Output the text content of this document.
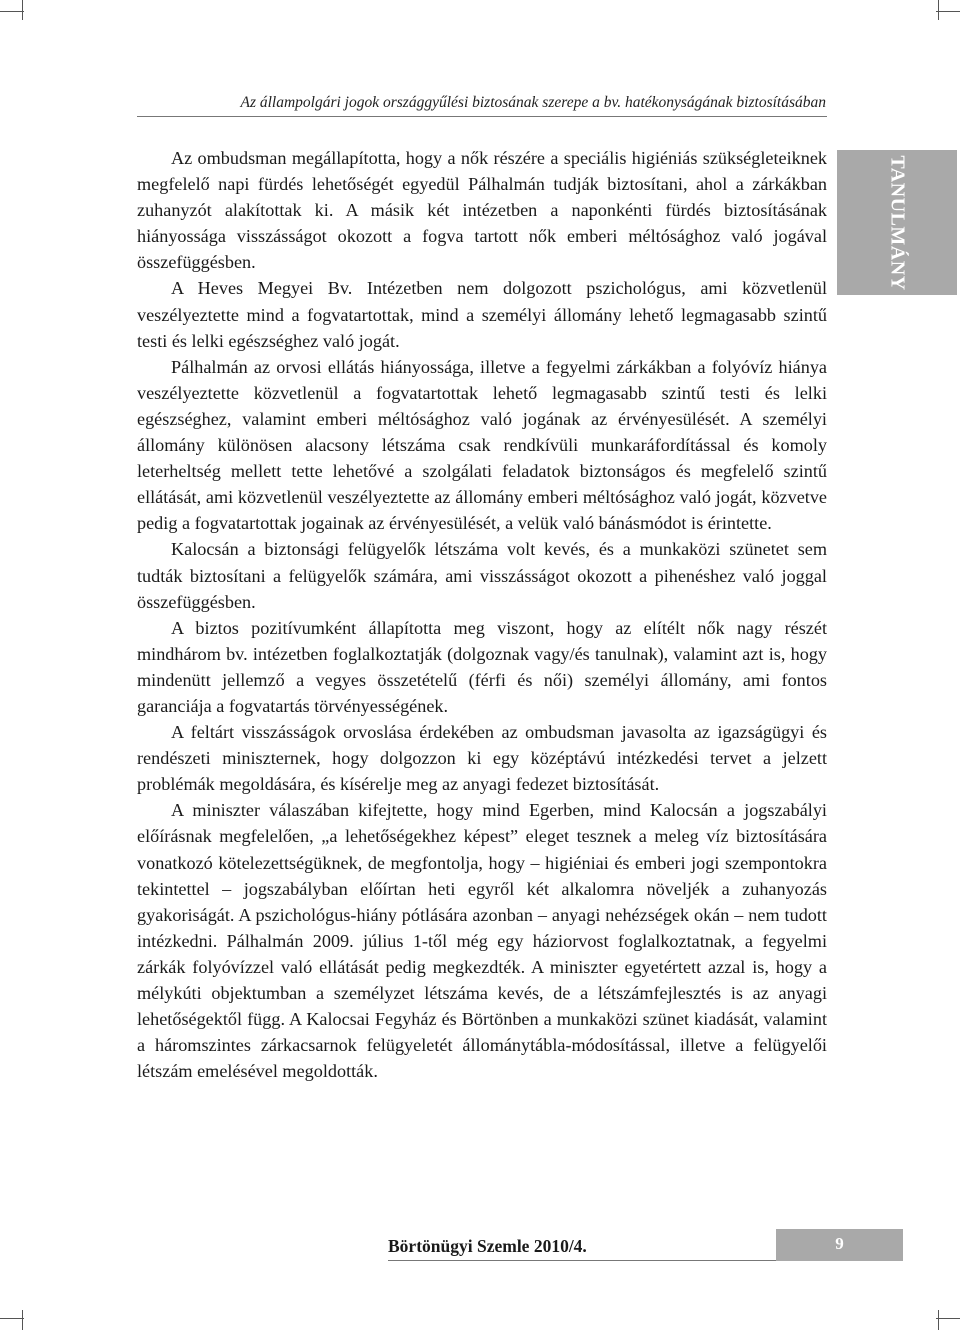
Az állampolgári jogok országgyűlési biztosának szerepe a bv. hatékonyságának biztosításában
TANULMÁNY

Az ombudsman megállapította, hogy a nők részére a speciális higiéniás szükségleteiknek megfelelő napi fürdés lehetőségét egyedül Pálhalmán tudják biztosítani, ahol a zárkákban zuhanyzót alakítottak ki. A másik két intézetben a naponkénti fürdés biztosításának hiányossága visszásságot okozott a fogva tartott nők emberi méltósághoz való jogával összefüggésben.

A Heves Megyei Bv. Intézetben nem dolgozott pszichológus, ami közvetlenül veszélyeztette mind a fogvatartottak, mind a személyi állomány lehető legmagasabb szintű testi és lelki egészséghez való jogát.

Pálhalmán az orvosi ellátás hiányossága, illetve a fegyelmi zárkákban a folyóvíz hiánya veszélyeztette közvetlenül a fogvatartottak lehető legmagasabb szintű testi és lelki egészséghez, valamint emberi méltósághoz való jogának az érvényesülését. A személyi állomány különösen alacsony létszáma csak rendkívüli munkaráfordítással és komoly leterheltség mellett tette lehetővé a szolgálati feladatok biztonságos és megfelelő szintű ellátását, ami közvetlenül veszélyeztette az állomány emberi méltósághoz való jogát, közvetve pedig a fogvatartottak jogainak az érvényesülését, a velük való bánásmódot is érintette.

Kalocsán a biztonsági felügyelők létszáma volt kevés, és a munkaközi szünetet sem tudták biztosítani a felügyelők számára, ami visszásságot okozott a pihenéshez való joggal összefüggésben.

A biztos pozitívumként állapította meg viszont, hogy az elítélt nők nagy részét mindhárom bv. intézetben foglalkoztatják (dolgoznak vagy/és tanulnak), valamint azt is, hogy mindenütt jellemző a vegyes összetételű (férfi és női) személyi állomány, ami fontos garanciája a fogvatartás törvényességének.

A feltárt visszásságok orvoslása érdekében az ombudsman javasolta az igazságügyi és rendészeti miniszternek, hogy dolgozzon ki egy középtávú intézkedési tervet a jelzett problémák megoldására, és kísérelje meg az anyagi fedezet biztosítását.

A miniszter válaszában kifejtette, hogy mind Egerben, mind Kalocsán a jogszabályi előírásnak megfelelően, „a lehetőségekhez képest” eleget tesznek a meleg víz biztosítására vonatkozó kötelezettségüknek, de megfontolja, hogy – higiéniai és emberi jogi szempontokra tekintettel – jogszabályban előírtan heti egyről két alkalomra növeljék a zuhanyozás gyakoriságát. A pszichológus-hiány pótlására azonban – anyagi nehézségek okán – nem tudott intézkedni. Pálhalmán 2009. július 1-től még egy háziorvost foglalkoztatnak, a fegyelmi zárkák folyóvízzel való ellátását pedig megkezdték. A miniszter egyetértett azzal is, hogy a mélykúti objektumban a személyzet létszáma kevés, de a létszámfejlesztés is az anyagi lehetőségektől függ. A Kalocsai Fegyház és Börtönben a munkaközi szünet kiadását, valamint a háromszintes zárkacsarnok felügyeletét állománytábla-módosítással, illetve a felügyelői létszám emelésével megoldották.

Börtönügyi Szemle 2010/4.	9
